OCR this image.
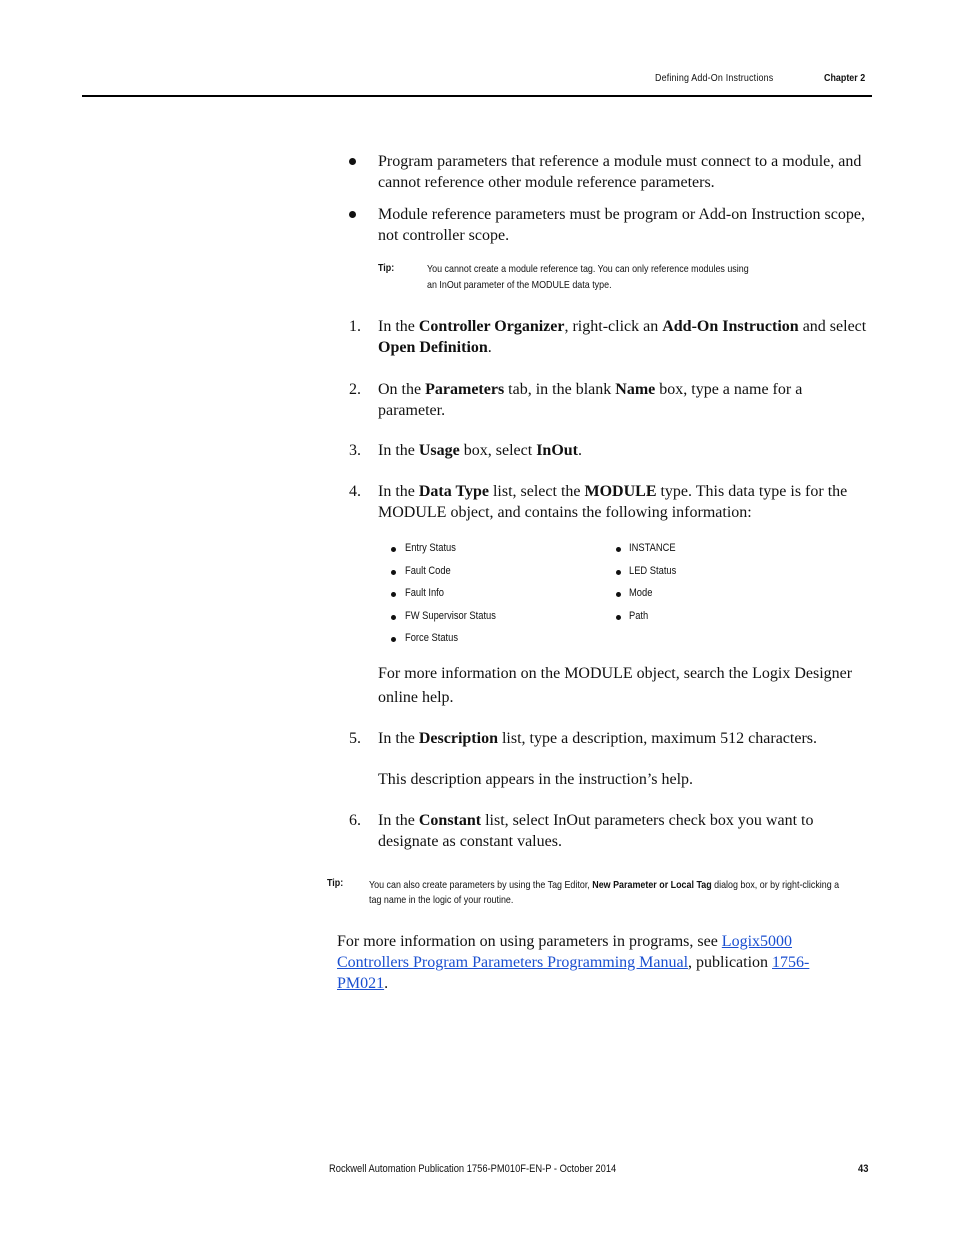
Defining Add-On Instructions	Chapter 2
Program parameters that reference a module must connect to a module, and cannot reference other module reference parameters.
Module reference parameters must be program or Add-on Instruction scope, not controller scope.
Tip:	You cannot create a module reference tag. You can only reference modules using
an InOut parameter of the MODULE data type.
1. In the Controller Organizer, right-click an Add-On Instruction and select Open Definition.
2. On the Parameters tab, in the blank Name box, type a name for a parameter.
3. In the Usage box, select InOut.
4. In the Data Type list, select the MODULE type. This data type is for the MODULE object, and contains the following information:
Entry Status
Fault Code
Fault Info
FW Supervisor Status
Force Status
INSTANCE
LED Status
Mode
Path
For more information on the MODULE object, search the Logix Designer online help.
5. In the Description list, type a description, maximum 512 characters.
This description appears in the instruction’s help.
6. In the Constant list, select InOut parameters check box you want to designate as constant values.
Tip: You can also create parameters by using the Tag Editor, New Parameter or Local Tag dialog box, or by right-clicking a
tag name in the logic of your routine.
For more information on using parameters in programs, see Logix5000 Controllers Program Parameters Programming Manual, publication 1756-PM021.
Rockwell Automation Publication 1756-PM010F-EN-P - October 2014	43
